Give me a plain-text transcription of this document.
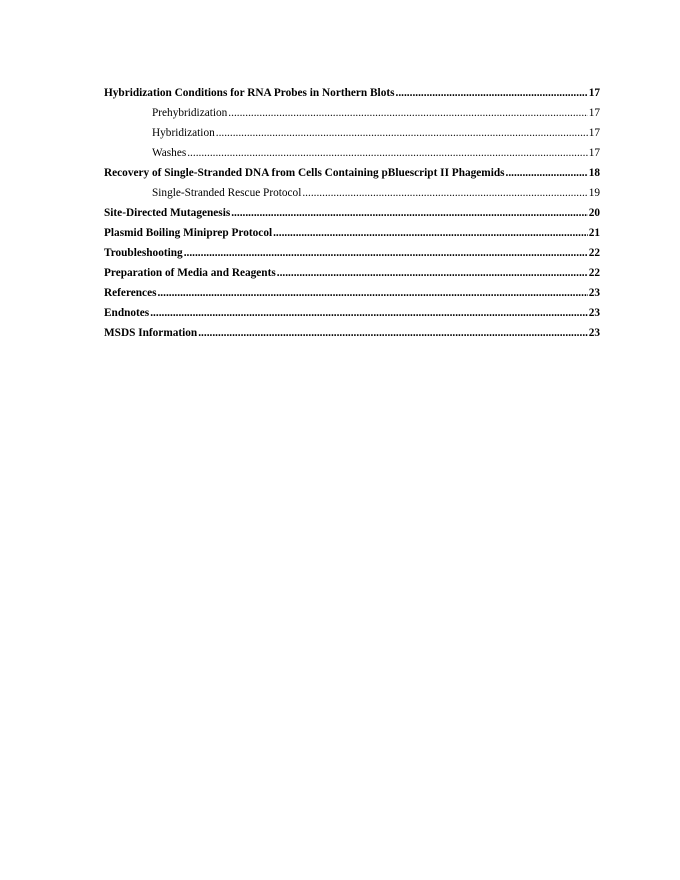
Hybridization Conditions for RNA Probes in Northern Blots .....	17
Prehybridization .....	17
Hybridization .....	17
Washes .....	17
Recovery of Single-Stranded DNA from Cells Containing pBluescript II Phagemids .....	18
Single-Stranded Rescue Protocol .....	19
Site-Directed Mutagenesis .....	20
Plasmid Boiling Miniprep Protocol .....	21
Troubleshooting .....	22
Preparation of Media and Reagents .....	22
References .....	23
Endnotes .....	23
MSDS Information .....	23
